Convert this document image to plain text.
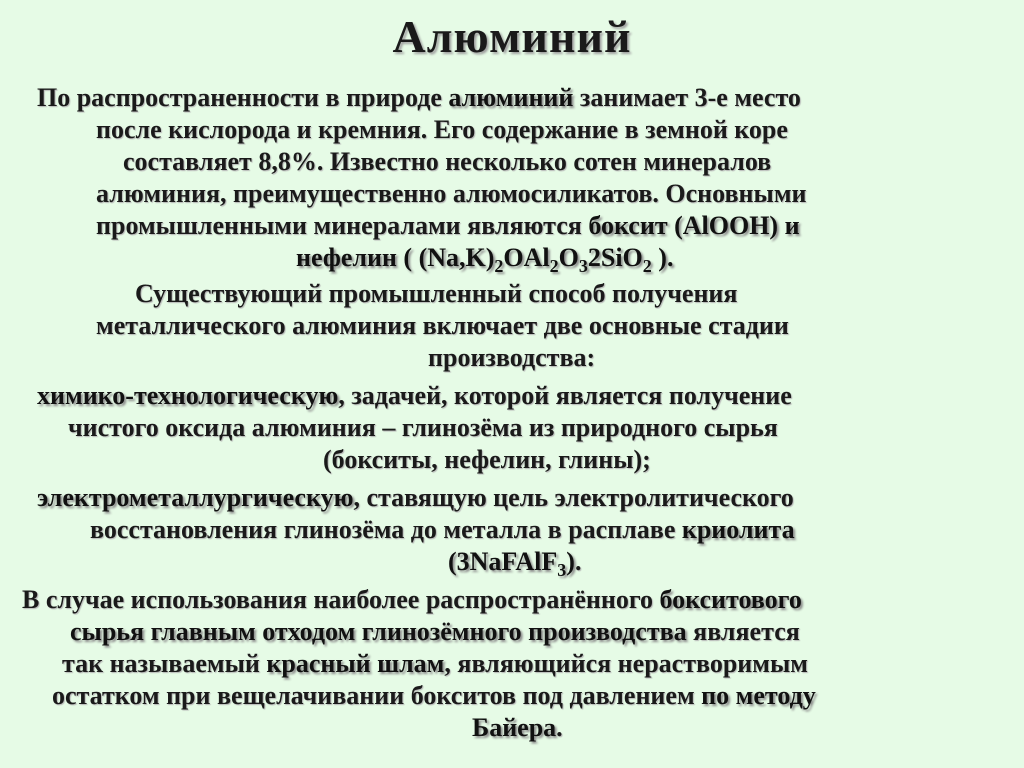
Алюминий
По распространенности в природе алюминий занимает 3-е место
после кислорода и кремния. Его содержание в земной коре
составляет 8,8%. Известно несколько сотен минералов
алюминия, преимущественно алюмосиликатов. Основными
промышленными минералами являются боксит (AlOOH) и
нефелин ( $(Na,K)_2OAl_2O_32SiO_2$ ).
Существующий промышленный способ получения
металлического алюминия включает две основные стадии
производства:
химико-технологическую, задачей, которой является получение
чистого оксида алюминия – глинозёма из природного сырья
(бокситы, нефелин, глины);
электрометаллургическую, ставящую цель электролитического
восстановления глинозёма до металла в расплаве криолита
(3NaFAlF$_3$).
В случае использования наиболее распространённого бокситового
сырья главным отходом глинозёмного производства является
так называемый красный шлам, являющийся нерастворимым
остатком при вещелачивании бокситов под давлением по методу
Байера.
